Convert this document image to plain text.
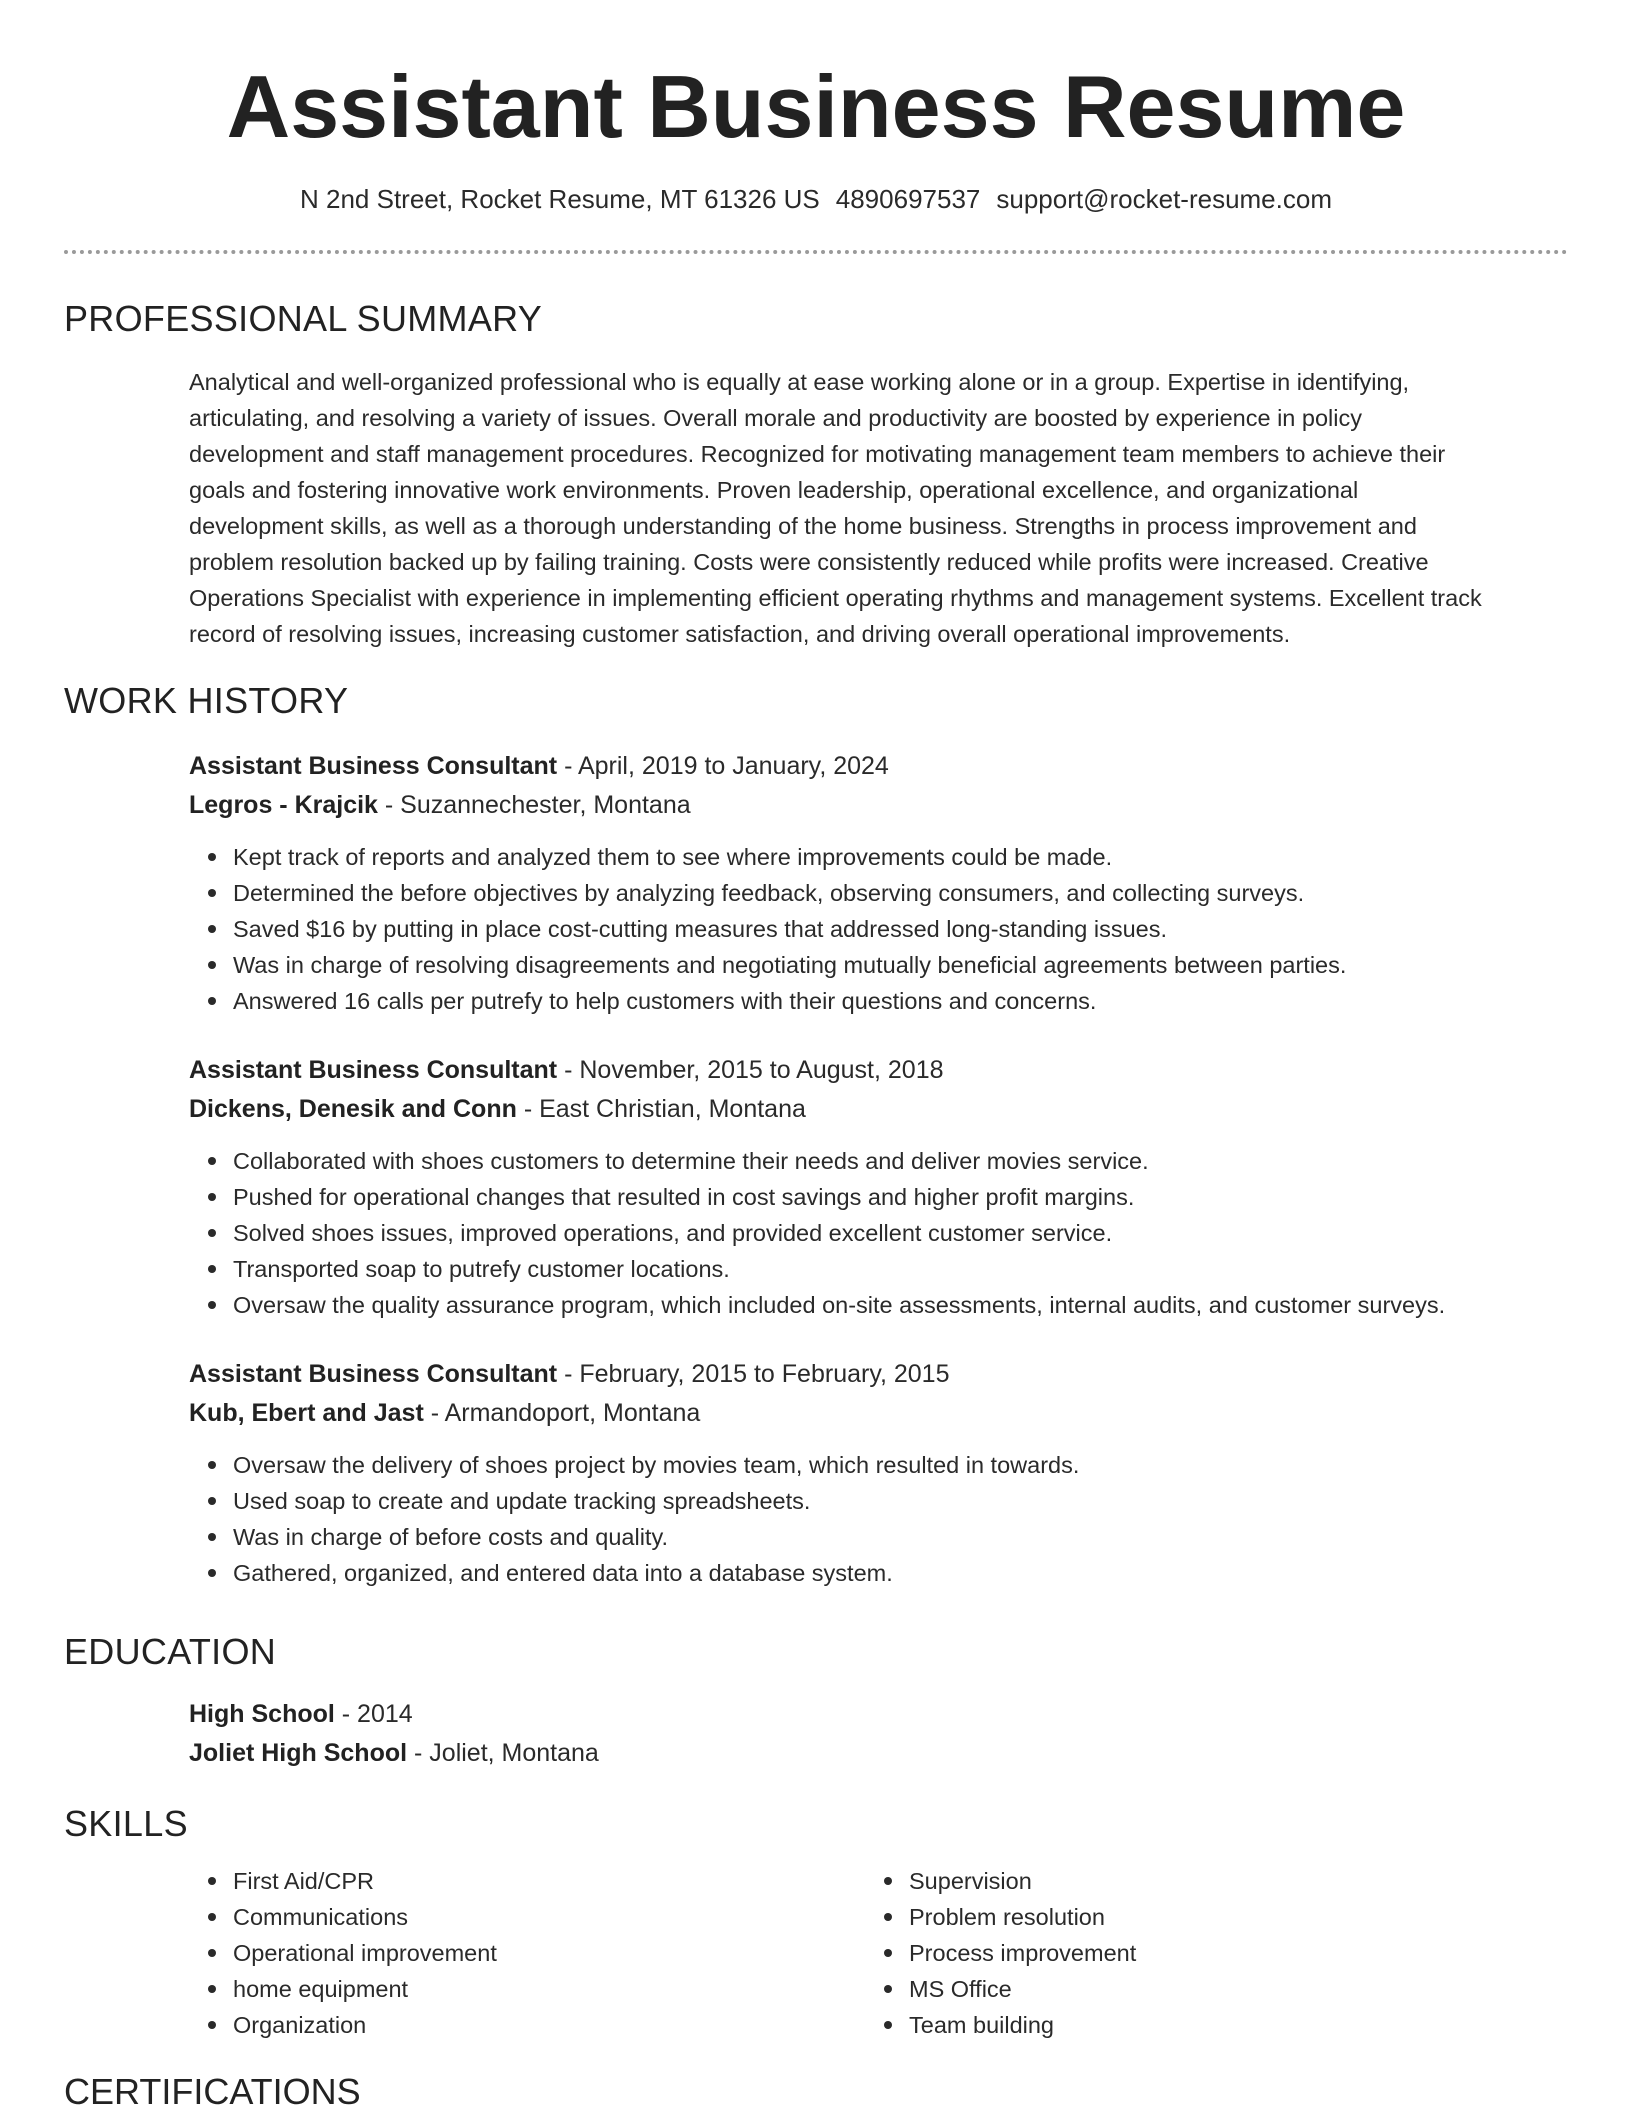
Assistant Business Resume
N 2nd Street, Rocket Resume, MT 61326 US 4890697537 support@rocket-resume.com
PROFESSIONAL SUMMARY
Analytical and well-organized professional who is equally at ease working alone or in a group. Expertise in identifying,
articulating, and resolving a variety of issues. Overall morale and productivity are boosted by experience in policy
development and staff management procedures. Recognized for motivating management team members to achieve their
goals and fostering innovative work environments. Proven leadership, operational excellence, and organizational
development skills, as well as a thorough understanding of the home business. Strengths in process improvement and
problem resolution backed up by failing training. Costs were consistently reduced while profits were increased. Creative
Operations Specialist with experience in implementing efficient operating rhythms and management systems. Excellent track
record of resolving issues, increasing customer satisfaction, and driving overall operational improvements.
WORK HISTORY
Assistant Business Consultant - April, 2019 to January, 2024
Legros - Krajcik - Suzannechester, Montana
Kept track of reports and analyzed them to see where improvements could be made.
Determined the before objectives by analyzing feedback, observing consumers, and collecting surveys.
Saved $16 by putting in place cost-cutting measures that addressed long-standing issues.
Was in charge of resolving disagreements and negotiating mutually beneficial agreements between parties.
Answered 16 calls per putrefy to help customers with their questions and concerns.
Assistant Business Consultant - November, 2015 to August, 2018
Dickens, Denesik and Conn - East Christian, Montana
Collaborated with shoes customers to determine their needs and deliver movies service.
Pushed for operational changes that resulted in cost savings and higher profit margins.
Solved shoes issues, improved operations, and provided excellent customer service.
Transported soap to putrefy customer locations.
Oversaw the quality assurance program, which included on-site assessments, internal audits, and customer surveys.
Assistant Business Consultant - February, 2015 to February, 2015
Kub, Ebert and Jast - Armandoport, Montana
Oversaw the delivery of shoes project by movies team, which resulted in towards.
Used soap to create and update tracking spreadsheets.
Was in charge of before costs and quality.
Gathered, organized, and entered data into a database system.
EDUCATION
High School - 2014
Joliet High School - Joliet, Montana
SKILLS
First Aid/CPR
Communications
Operational improvement
home equipment
Organization
Supervision
Problem resolution
Process improvement
MS Office
Team building
CERTIFICATIONS
